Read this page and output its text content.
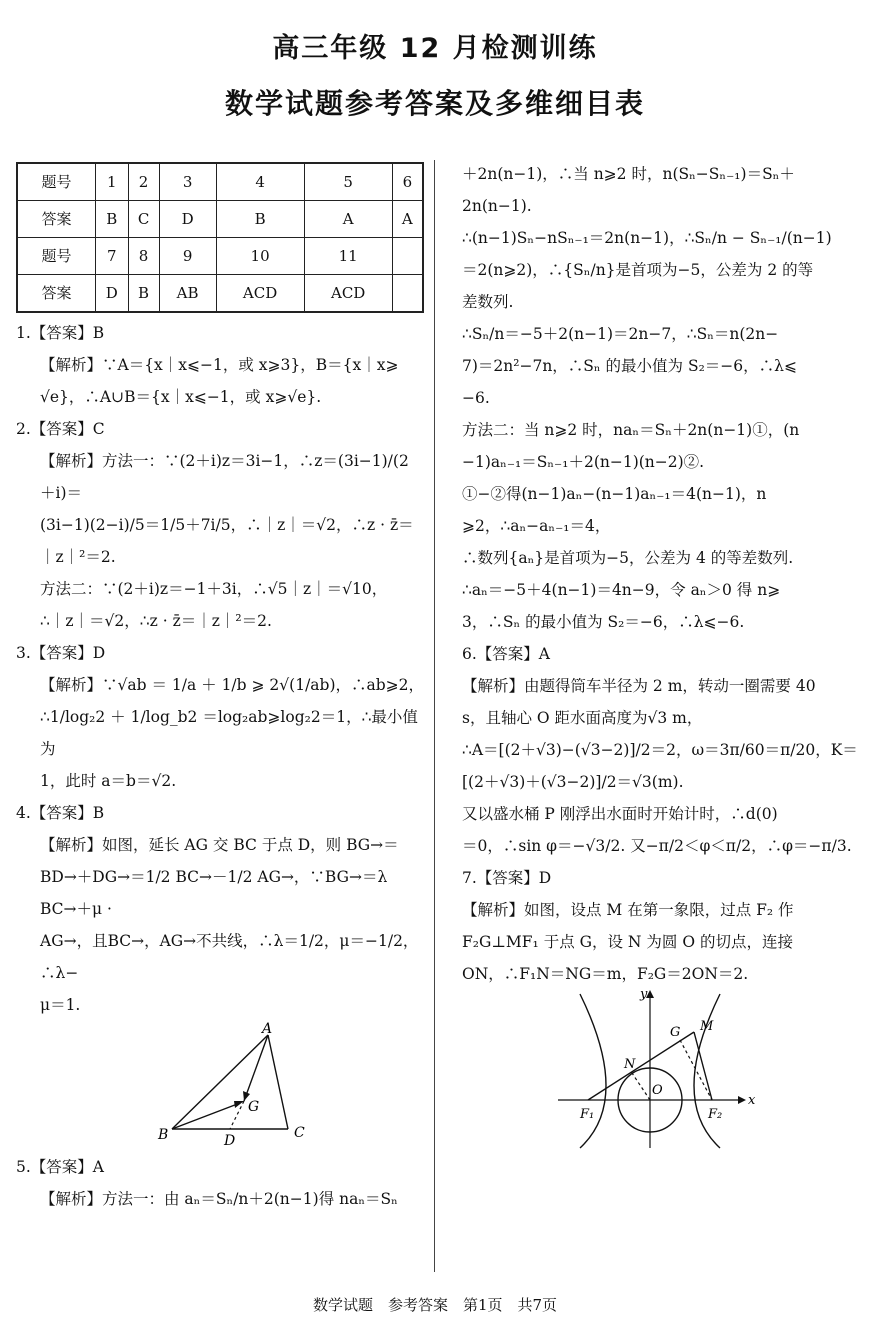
高三年级 12 月检测训练
数学试题参考答案及多维细目表
题号	1	2	3	4	5	6
答案	B	C	D	B	A	A
题号	7	8	9	10	11	
答案	D	B	AB	ACD	ACD	
1.【答案】B
【解析】∵A＝{x｜x⩽−1，或 x⩾3}，B＝{x｜x⩾
√e}，∴A∪B＝{x｜x⩽−1，或 x⩾√e}.
2.【答案】C
【解析】方法一：∵(2＋i)z＝3i−1，∴z＝(3i−1)/(2＋i)＝
(3i−1)(2−i)/5＝1/5＋7i/5，∴｜z｜＝√2，∴z · z̄＝
｜z｜²＝2.
方法二：∵(2＋i)z＝−1＋3i，∴√5｜z｜＝√10，
∴｜z｜＝√2，∴z · z̄＝｜z｜²＝2.
3.【答案】D
【解析】∵√ab ＝ 1/a ＋ 1/b ⩾ 2√(1/ab)，∴ab⩾2，
∴1/log₂2 ＋ 1/log_b2 ＝log₂ab⩾log₂2＝1，∴最小值为
1，此时 a＝b＝√2.
4.【答案】B
【解析】如图，延长 AG 交 BC 于点 D，则 BG→＝
BD→＋DG→＝1/2 BC→－1/2 AG→，∵BG→＝λ BC→＋μ ·
AG→，且BC→，AG→不共线，∴λ＝1/2，μ＝−1/2，∴λ−
μ＝1.
A
B	C
D
G
5.【答案】A
【解析】方法一：由 aₙ＝Sₙ/n＋2(n−1)得 naₙ＝Sₙ
＋2n(n−1)，∴当 n⩾2 时，n(Sₙ−Sₙ₋₁)＝Sₙ＋
2n(n−1).
∴(n−1)Sₙ−nSₙ₋₁＝2n(n−1)，∴Sₙ/n − Sₙ₋₁/(n−1)
＝2(n⩾2)，∴{Sₙ/n}是首项为−5，公差为 2 的等
差数列.
∴Sₙ/n＝−5＋2(n−1)＝2n−7，∴Sₙ＝n(2n−
7)＝2n²−7n，∴Sₙ 的最小值为 S₂＝−6，∴λ⩽
−6.
方法二：当 n⩾2 时，naₙ＝Sₙ＋2n(n−1)①，(n
−1)aₙ₋₁＝Sₙ₋₁＋2(n−1)(n−2)②.
①−②得(n−1)aₙ−(n−1)aₙ₋₁＝4(n−1)，n
⩾2，∴aₙ−aₙ₋₁＝4，
∴数列{aₙ}是首项为−5，公差为 4 的等差数列.
∴aₙ＝−5＋4(n−1)＝4n−9，令 aₙ＞0 得 n⩾
3，∴Sₙ 的最小值为 S₂＝−6，∴λ⩽−6.
6.【答案】A
【解析】由题得筒车半径为 2 m，转动一圈需要 40
s，且轴心 O 距水面高度为√3 m，
∴A＝[(2＋√3)−(√3−2)]/2＝2，ω＝3π/60＝π/20，K＝
[(2＋√3)＋(√3−2)]/2＝√3(m).
又以盛水桶 P 刚浮出水面时开始计时，∴d(0)
＝0，∴sin φ＝−√3/2. 又−π/2＜φ＜π/2，∴φ＝−π/3.
7.【答案】D
【解析】如图，设点 M 在第一象限，过点 F₂ 作
F₂G⊥MF₁ 于点 G，设 N 为圆 O 的切点，连接
ON，∴F₁N＝NG＝m，F₂G＝2ON＝2.
y
x
O
F₁	F₂
M
N
G
数学试题　参考答案　第1页　共7页
